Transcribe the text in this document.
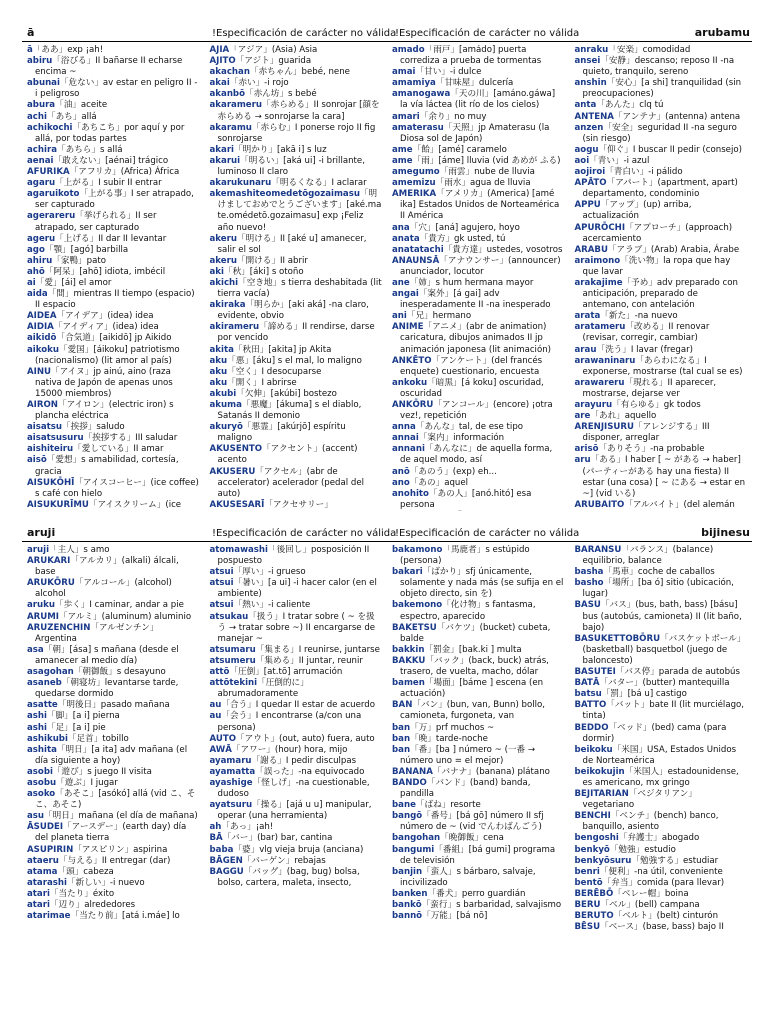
ā	!Especificación de carácter no válida
!Especificación de carácter no válida	arubamu
ā「ああ」exp ¡ah!
abiru「浴びる」II bañarse II echarse encima ~
abunai「危ない」av estar en peligro II -i peligroso
abura「油」aceite
achi「あち」allá
achikochi「あちこち」por aquí y por allá, por todas partes
achira「あちら」s allá
aenai「敢えない」[aénai] trágico
AFURIKA「アフリカ」(Africa) África
agaru「上がる」I subir II entrar
agaruikoto「上がる事」I ser atrapado, ser capturado
agerareru「挙げられる」II ser atrapado, ser capturado
ageru「上げる」II dar II levantar
ago「顎」[agó] barbilla
ahiru「家鴨」pato
ahō「阿呆」[ahō] idiota, imbécil
ai「愛」[ái] el amor
aida「間」mientras II tiempo (espacio) II espacio
AIDEA「アイデア」(idea) idea
AIDIA「アイディア」(idea) idea
aikidō「合気道」[aikidō] jp Aikido
aikoku「愛国」[áikoku] patriotismo (nacionalismo) (lit amor al país)
AINU「アイヌ」jp ainú, aino (raza nativa de Japón de apenas unos 15000 miembros)
AIRON「アイロン」(electric iron) s plancha eléctrica
aisatsu「挨拶」saludo
aisatsusuru「挨拶する」III saludar
aishiteiru「愛している」II amar
aisō「愛想」s amabilidad, cortesía, gracia
AISUKŌHĪ「アイスコーヒー」(ice coffee) s café con hielo
AISUKURĪMU「アイスクリーム」(ice
AJIA「アジア」(Asia) Asia
AJITO「アジト」guarida
akachan「赤ちゃん」bebé, nene
akai「赤い」-i rojo
akanbō「赤ん坊」s bebé
akarameru「赤らめる」II sonrojar [顔を赤らめる → sonrojarse la cara]
akaramu「赤らむ」I ponerse rojo II fig sonrojarse
akari「明かり」[akā i] s luz
akarui「明るい」[aká ui] -i brillante, luminoso II claro
akarukunaru「明るくなる」I aclarar
akemashiteomedetōgozaimasu「明けましておめでとうございます」[aké.ma te.omédetō.gozaimasu] exp ¡Feliz año nuevo!
akeru「明ける」II [aké u] amanecer, salir el sol
akeru「開ける」II abrir
aki「秋」[áki] s otoño
akichi「空き地」s tierra deshabitada (lit tierra vacía)
akiraka「明らか」[aki aká] -na claro, evidente, obvio
akirameru「諦める」II rendirse, darse por vencido
akita「秋田」[akita] jp Akita
aku「悪」[áku] s el mal, lo maligno
aku「空く」I desocuparse
aku「開く」I abrirse
akubi「欠伸」[akúbi] bostezo
akuma「悪魔」[ákuma] s el diablo, Satanás II demonio
akuryō「悪霊」[akúrjō] espíritu maligno
AKUSENTO「アクセント」(accent) acento
AKUSERU「アクセル」(abr de accelerator) acelerador (pedal del auto)
AKUSESARĪ「アクセサリー」
amado「雨戸」[amádo] puerta corrediza a prueba de tormentas
amai「甘い」-i dulce
amamiya「甘味屋」dulcería
amanogawa「天の川」[amáno.gáwa] la vía láctea (lit río de los cielos)
amari「余り」no muy
amaterasu「天照」jp Amaterasu (la Diosa sol de Japón)
ame「飴」[amé] caramelo
ame「雨」[áme] lluvia (vid あめが ふる)
amegumo「雨雲」nube de lluvia
amemizu「雨水」agua de lluvia
AMERIKA「アメリカ」(America) [amé ika] Estados Unidos de Norteamérica II América
ana「穴」[aná] agujero, hoyo
anata「貴方」gk usted, tú
anatatachi「貴方達」ustedes, vosotros
ANAUNSĀ「アナウンサー」(announcer) anunciador, locutor
ane「姉」s hum hermana mayor
angai「案外」[á gai] adv inesperadamente II -na inesperado
ani「兄」hermano
ANIME「アニメ」(abr de animation) caricatura, dibujos animados II jp animación japonesa (lit animación)
ANKĒTO「アンケート」(del francés enquete) cuestionario, encuesta
ankoku「暗黒」[á koku] oscuridad, oscuridad
ANKŌRU「アンコール」(encore) ¡otra vez!, repetición
anna「あんな」tal, de ese tipo
annai「案内」información
annani「あんなに」de aquella forma, de aquel modo, así
anō「あのう」(exp) eh...
ano「あの」aquel
anohito「あの人」[anó.hitó] esa persona
anraku「安楽」comodidad
ansei「安静」descanso; reposo II -na quieto, tranquilo, sereno
anshin「安心」[a shi] tranquilidad (sin preocupaciones)
anta「あんた」clq tú
ANTENA「アンテナ」(antenna) antena
anzen「安全」seguridad II -na seguro (sin riesgo)
aogu「仰ぐ」I buscar II pedir (consejo)
aoi「青い」-i azul
aojiroi「青白い」-i pálido
APĀTO「アパート」(apartment, apart) departamento, condominio
APPU「アップ」(up) arriba, actualización
APURŌCHI「アプローチ」(approach) acercamiento
ARABU「アラブ」(Arab) Arabia, Árabe
araimono「洗い物」la ropa que hay que lavar
arakajime「予め」adv preparado con anticipación, preparado de antemano, con antelación
arata「新た」-na nuevo
aratameru「改める」II renovar (revisar, corregir, cambiar)
arau「洗う」I lavar (fregar)
arawaninaru「あらわになる」I exponerse, mostrarse (tal cual se es)
arawareru「現れる」II aparecer, mostrarse, dejarse ver
arayuru「有らゆる」gk todos
are「あれ」aquello
ARENJISURU「アレンジする」III disponer, arreglar
arisō「ありそう」-na probable
aru「ある」I haber [ ~ がある → haber] (パーティーがある hay una fiesta) II estar (una cosa) [ ~ にある → estar en ~] (vid いる)
ARUBAITO「アルバイト」(del alemán
aruji	!Especificación de carácter no válida
!Especificación de carácter no válida	bijinesu
aruji「主人」s amo
ARUKARI「アルカリ」(alkali) álcali, base
ARUKŌRU「アルコール」(alcohol) alcohol
aruku「歩く」I caminar, andar a pie
ARUMI「アルミ」(aluminum) aluminio
ARUZENCHIN「アルゼンチン」Argentina
asa「朝」[ása] s mañana (desde el amanecer al medio día)
asagohan「朝御飯」s desayuno
asaneb「朝寝坊」levantarse tarde, quedarse dormido
asatte「明後日」pasado mañana
ashi「脚」[a i] pierna
ashi「足」[a i] pie
ashikubi「足首」tobillo
ashita「明日」[a ita] adv mañana (el día siguiente a hoy)
asobi「遊び」s juego II visita
asobu「遊ぶ」I jugar
asoko「あそこ」[asókó] allá (vid こ、そこ、あそこ)
asu「明日」mañana (el día de mañana)
ĀSUDEI「アースデー」(earth day) día del planeta tierra
ASUPIRIN「アスピリン」aspirina
ataeru「与える」II entregar (dar)
atama「頭」cabeza
atarashi「新しい」-i nuevo
atari「当たり」éxito
atari「辺り」alrededores
atarimae「当たり前」[atá i.máe] lo
atomawashi「後回し」posposición II pospuesto
atsui「厚い」-i grueso
atsui「暑い」[a ui] -i hacer calor (en el ambiente)
atsui「熱い」-i caliente
atsukau「扱う」I tratar sobre ( ~ を扱う → tratar sobre ~) II encargarse de manejar ~
atsumaru「集まる」I reunirse, juntarse
atsumeru「集める」II juntar, reunir
attō「圧倒」[at.tō] arrumación
attōtekini「圧倒的に」abrumadoramente
au「合う」I quedar II estar de acuerdo
au「会う」I encontrarse (a/con una persona)
AUTO「アウト」(out, auto) fuera, auto
AWĀ「アワー」(hour) hora, mijo
ayamaru「謝る」I pedir disculpas
ayamatta「誤った」-na equivocado
ayashige「怪しげ」-na cuestionable, dudoso
ayatsuru「操る」[ajá u u] manipular, operar (una herramienta)
ah「あっ」¡ah!
BĀ「バー」(bar) bar, cantina
baba「婆」vlg vieja bruja (anciana)
BĀGEN「バーゲン」rebajas
BAGGU「バッグ」(bag, bug) bolsa, bolso, cartera, maleta, insecto,
bakamono「馬鹿者」s estúpido (persona)
bakari「ばかり」sfj únicamente, solamente y nada más (se sufija en el objeto directo, sin を)
bakemono「化け物」s fantasma, espectro, aparecido
BAKETSU「バケツ」(bucket) cubeta, balde
bakkin「罰金」[bak.ki ] multa
BAKKU「バック」(back, buck) atrás, trasero, de vuelta, macho, dólar
bamen「場面」[báme ] escena (en actuación)
BAN「バン」(bun, van, Bunn) bollo, camioneta, furgoneta, van
ban「万」prf muchos ~
ban「晩」tarde-noche
ban「番」[ba ] número ~ (一番 → número uno = el mejor)
BANANA「バナナ」(banana) plátano
BANDO「バンド」(band) banda, pandilla
bane「ばね」resorte
bangō「番号」[bá gō] número II sfj número de ~ (vid でんわばんごう)
bangohan「晩御飯」cena
bangumi「番組」[bá gumi] programa de televisión
banjin「蛮人」s bárbaro, salvaje, incivilizado
banken「番犬」perro guardián
bankō「蛮行」s barbaridad, salvajismo
bannō「万能」[bá nō]
BARANSU「バランス」(balance) equilibrio, balance
basha「馬車」coche de caballos
basho「場所」[ba ó] sitio (ubicación, lugar)
BASU「バス」(bus, bath, bass) [básu] bus (autobús, camioneta) II (lit baño, bajo)
BASUKETTOBŌRU「バスケットボール」(basketball) basquetbol (juego de baloncesto)
BASUTEI「バス停」parada de autobús
BATĀ「バター」(butter) mantequilla
batsu「罰」[bá u] castigo
BATTO「バット」bate II (lit murciélago, tinta)
BEDDO「ベッド」(bed) cama (para dormir)
beikoku「米国」USA, Estados Unidos de Norteamérica
beikokujin「米国人」estadounidense, es americano, mx gringo
BEJITARIAN「ベジタリアン」vegetariano
BENCHI「ベンチ」(bench) banco, banquillo, asiento
bengoshi「弁護士」abogado
benkyō「勉強」estudio
benkyōsuru「勉強する」estudiar
benri「便利」-na útil, conveniente
bentō「弁当」comida (para llevar)
BERĒBŌ「ベレー帽」boina
BERU「ベル」(bell) campana
BERUTO「ベルト」(belt) cinturón
BĒSU「ベース」(base, bass) bajo II
